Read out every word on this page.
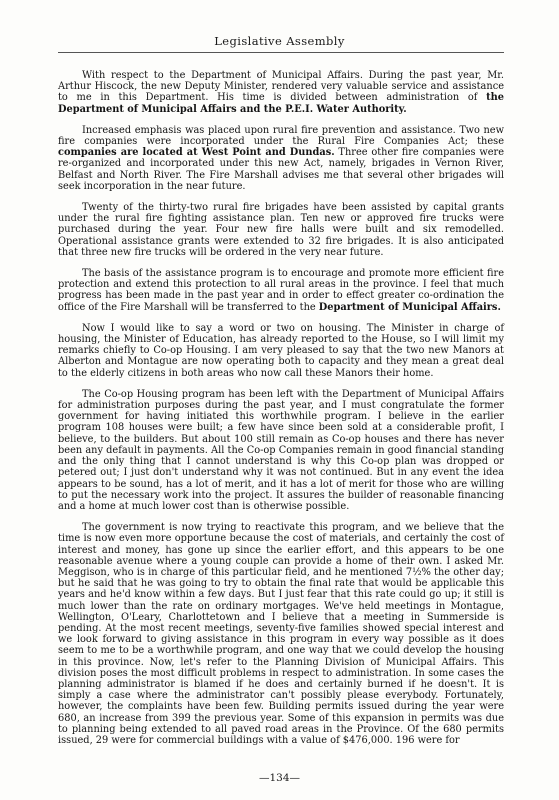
Legislative Assembly

With respect to the Department of Municipal Affairs. During the past year, Mr. Arthur Hiscock, the new Deputy Minister, rendered very valuable service and assistance to me in this Department. His time is divided between administration of the Department of Municipal Affairs and the P.E.I. Water Authority.

Increased emphasis was placed upon rural fire prevention and assistance. Two new fire companies were incorporated under the Rural Fire Companies Act; these companies are located at West Point and Dundas. Three other fire companies were re-organized and incorporated under this new Act, namely, brigades in Vernon River, Belfast and North River. The Fire Marshall advises me that several other brigades will seek incorporation in the near future.

Twenty of the thirty-two rural fire brigades have been assisted by capital grants under the rural fire fighting assistance plan. Ten new or approved fire trucks were purchased during the year. Four new fire halls were built and six remodelled. Operational assistance grants were extended to 32 fire brigades. It is also anticipated that three new fire trucks will be ordered in the very near future.

The basis of the assistance program is to encourage and promote more efficient fire protection and extend this protection to all rural areas in the province. I feel that much progress has been made in the past year and in order to effect greater co-ordination the office of the Fire Marshall will be transferred to the Department of Municipal Affairs.

Now I would like to say a word or two on housing. The Minister in charge of housing, the Minister of Education, has already reported to the House, so I will limit my remarks chiefly to Co-op Housing. I am very pleased to say that the two new Manors at Alberton and Montague are now operating both to capacity and they mean a great deal to the elderly citizens in both areas who now call these Manors their home.

The Co-op Housing program has been left with the Department of Municipal Affairs for administration purposes during the past year, and I must congratulate the former government for having initiated this worthwhile program. I believe in the earlier program 108 houses were built; a few have since been sold at a considerable profit, I believe, to the builders. But about 100 still remain as Co-op houses and there has never been any default in payments. All the Co-op Companies remain in good financial standing and the only thing that I cannot understand is why this Co-op plan was dropped or petered out; I just don't understand why it was not continued. But in any event the idea appears to be sound, has a lot of merit, and it has a lot of merit for those who are willing to put the necessary work into the project. It assures the builder of reasonable financing and a home at much lower cost than is otherwise possible.

The government is now trying to reactivate this program, and we believe that the time is now even more opportune because the cost of materials, and certainly the cost of interest and money, has gone up since the earlier effort, and this appears to be one reasonable avenue where a young couple can provide a home of their own. I asked Mr. Meggison, who is in charge of this particular field, and he mentioned 7½% the other day; but he said that he was going to try to obtain the final rate that would be applicable this years and he'd know within a few days. But I just fear that this rate could go up; it still is much lower than the rate on ordinary mortgages. We've held meetings in Montague, Wellington, O'Leary, Charlottetown and I believe that a meeting in Summerside is pending. At the most recent meetings, seventy-five families showed special interest and we look forward to giving assistance in this program in every way possible as it does seem to me to be a worthwhile program, and one way that we could develop the housing in this province. Now, let's refer to the Planning Division of Municipal Affairs. This division poses the most difficult problems in respect to administration. In some cases the planning administrator is blamed if he does and certainly burned if he doesn't. It is simply a case where the administrator can't possibly please everybody. Fortunately, however, the complaints have been few. Building permits issued during the year were 680, an increase from 399 the previous year. Some of this expansion in permits was due to planning being extended to all paved road areas in the Province. Of the 680 permits issued, 29 were for commercial buildings with a value of $476,000. 196 were for

—134—
